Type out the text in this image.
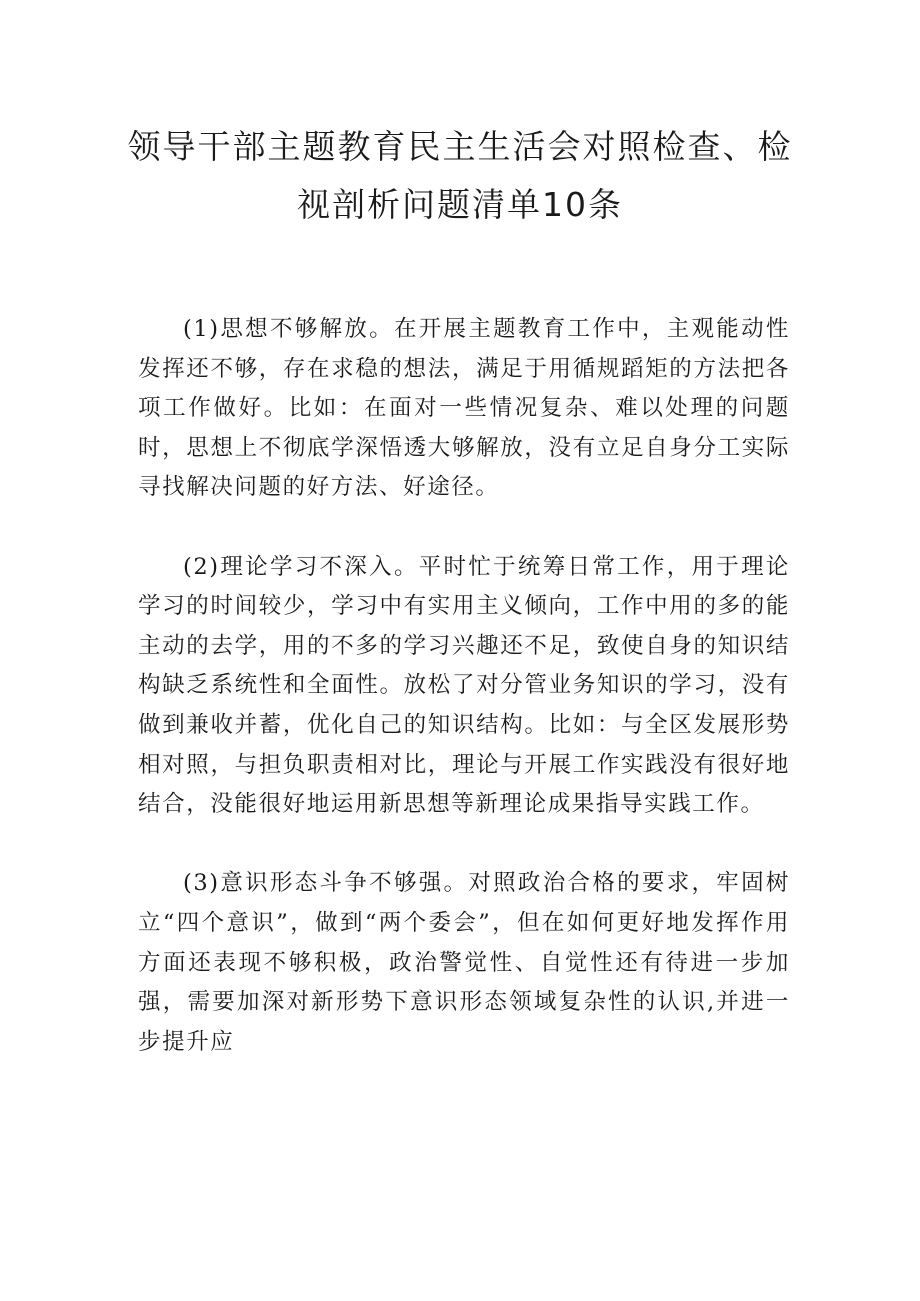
领导干部主题教育民主生活会对照检查、检视剖析问题清单10条

(1)思想不够解放。在开展主题教育工作中，主观能动性发挥还不够，存在求稳的想法，满足于用循规蹈矩的方法把各项工作做好。比如：在面对一些情况复杂、难以处理的问题时，思想上不彻底学深悟透大够解放，没有立足自身分工实际寻找解决问题的好方法、好途径。

(2)理论学习不深入。平时忙于统筹日常工作，用于理论学习的时间较少，学习中有实用主义倾向，工作中用的多的能主动的去学，用的不多的学习兴趣还不足，致使自身的知识结构缺乏系统性和全面性。放松了对分管业务知识的学习，没有做到兼收并蓄，优化自己的知识结构。比如：与全区发展形势相对照，与担负职责相对比，理论与开展工作实践没有很好地结合，没能很好地运用新思想等新理论成果指导实践工作。

(3)意识形态斗争不够强。对照政治合格的要求，牢固树立“四个意识”，做到“两个委会”，但在如何更好地发挥作用方面还表现不够积极，政治警觉性、自觉性还有待进一步加强，需要加深对新形势下意识形态领域复杂性的认识,并进一步提升应
